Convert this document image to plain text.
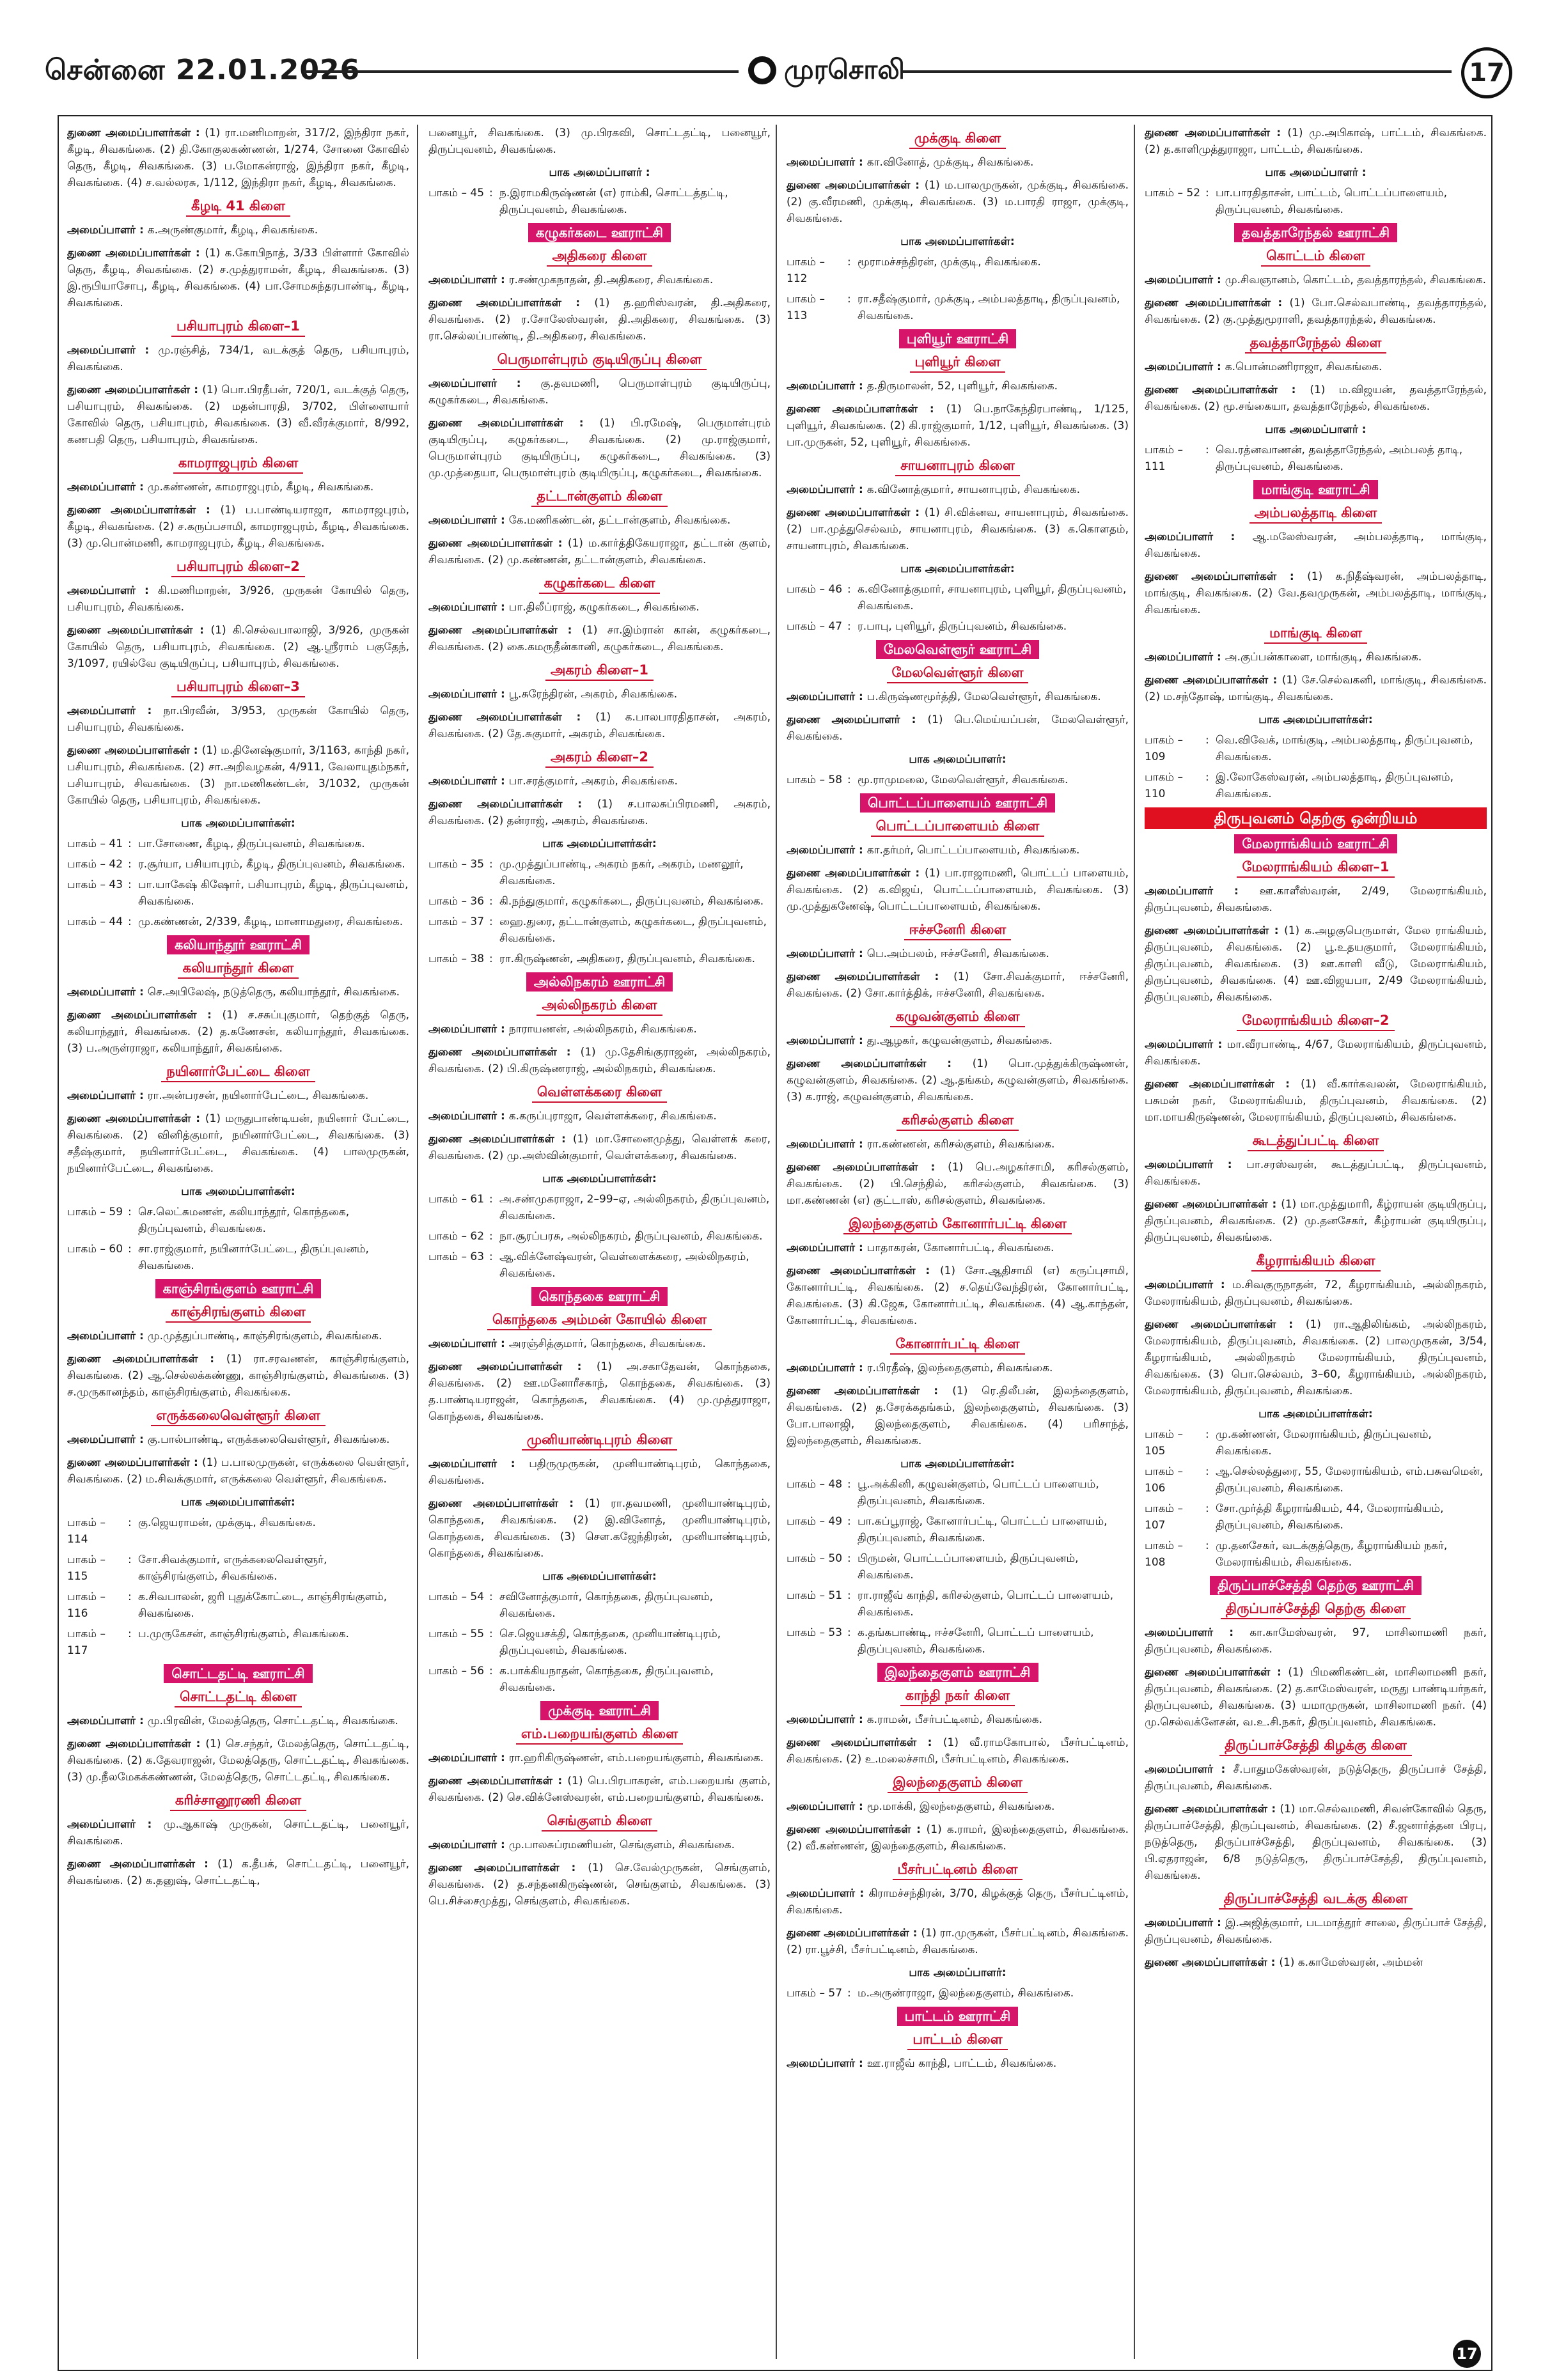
சென்னை 22.01.2026	முரசொலி	17
துணை அமைப்பாளர்கள் : (1) ரா.மணிமாறன், 317/2, இந்திரா நகர், கீழடி, சிவகங்கை. (2) தி.கோகுலகண்ணன், 1/274, சோனை கோவில் தெரு, கீழடி, சிவகங்கை. (3) ப.மோகன்ராஜ், இந்திரா நகர், கீழடி, சிவகங்கை. (4) ச.வல்லரசு, 1/112, இந்திரா நகர், கீழடி, சிவகங்கை.
கீழடி 41 கிளை
அமைப்பாளர் : க.அருண்குமார், கீழடி, சிவகங்கை.
துணை அமைப்பாளர்கள் : (1) க.கோபிநாத், 3/33 பிள்ளார் கோவில் தெரு, கீழடி, சிவகங்கை. (2) ச.முத்துராமன், கீழடி, சிவகங்கை. (3) இ.ரூபியாசோபு, கீழடி, சிவகங்கை. (4) பா.சோமசுந்தரபாண்டி, கீழடி, சிவகங்கை.
பசியாபுரம் கிளை–1
அமைப்பாளர் : மு.ரஞ்சித், 734/1, வடக்குத் தெரு, பசியாபுரம், சிவகங்கை.
துணை அமைப்பாளர்கள் : (1) பொ.பிரதீபன், 720/1, வடக்குத் தெரு, பசியாபுரம், சிவகங்கை. (2) மதன்பாரதி, 3/702, பிள்ளையார் கோவில் தெரு, பசியாபுரம், சிவகங்கை. (3) வீ.வீரக்குமார், 8/992, கணபதி தெரு, பசியாபுரம், சிவகங்கை.
காமராஜபுரம் கிளை
அமைப்பாளர் : மு.கண்ணன், காமராஜபுரம், கீழடி, சிவகங்கை.
துணை அமைப்பாளர்கள் : (1) ப.பாண்டியராஜா, காமராஜபுரம், கீழடி, சிவகங்கை. (2) ச.கருப்பசாமி, காமராஜபுரம், கீழடி, சிவகங்கை. (3) மு.பொன்மணி, காமராஜபுரம், கீழடி, சிவகங்கை.
பசியாபுரம் கிளை–2
அமைப்பாளர் : கி.மணிமாறன், 3/926, முருகன் கோயில் தெரு, பசியாபுரம், சிவகங்கை.
துணை அமைப்பாளர்கள் : (1) கி.செல்வபாலாஜி, 3/926, முருகன் கோயில் தெரு, பசியாபுரம், சிவகங்கை. (2) ஆ.ஸ்ரீராம் பகுதேந், 3/1097, ரயில்வே குடியிருப்பு, பசியாபுரம், சிவகங்கை.
பசியாபுரம் கிளை–3
அமைப்பாளர் : நா.பிரவீன், 3/953, முருகன் கோயில் தெரு, பசியாபுரம், சிவகங்கை.
துணை அமைப்பாளர்கள் : (1) ம.தினேஷ்குமார், 3/1163, காந்தி நகர், பசியாபுரம், சிவகங்கை. (2) சா.அறிவழகன், 4/911, வேலாயுதம்நகர், பசியாபுரம், சிவகங்கை. (3) நா.மணிகண்டன், 3/1032, முருகன் கோயில் தெரு, பசியாபுரம், சிவகங்கை.
பாக அமைப்பாளர்கள்:
பாகம் – 41 : பா.சோணை, கீழடி, திருப்புவனம், சிவகங்கை.
பாகம் – 42 : ர.சூர்யா, பசியாபுரம், கீழடி, திருப்புவனம், சிவகங்கை.
பாகம் – 43 : பா.யாகேஷ் கிஷோர், பசியாபுரம், கீழடி, திருப்புவனம், சிவகங்கை.
பாகம் – 44 : மு.கண்ணன், 2/339, கீழடி, மானாமதுரை, சிவகங்கை.
கலியாந்தூர் ஊராட்சி
கலியாந்தூர் கிளை
அமைப்பாளர் : செ.அபிலேஷ், நடுத்தெரு, கலியாந்தூர், சிவகங்கை.
துணை அமைப்பாளர்கள் : (1) ச.சசுப்புகுமார், தெற்குத் தெரு, கலியாந்தூர், சிவகங்கை. (2) த.கணேசன், கலியாந்தூர், சிவகங்கை. (3) ப.அருள்ராஜா, கலியாந்தூர், சிவகங்கை.
நயினார்பேட்டை கிளை
அமைப்பாளர் : ரா.அன்பரசன், நயினார்பேட்டை, சிவகங்கை.
துணை அமைப்பாளர்கள் : (1) மருதுபாண்டியன், நயினார் பேட்டை, சிவகங்கை. (2) வினித்குமார், நயினார்பேட்டை, சிவகங்கை. (3) சதீஷ்குமார், நயினார்பேட்டை, சிவகங்கை. (4) பாலமுருகன், நயினார்பேட்டை, சிவகங்கை.
பாக அமைப்பாளர்கள்:
பாகம் – 59 : செ.லெட்சுமணன், கலியாந்தூர், கொந்தகை, திருப்புவனம், சிவகங்கை.
பாகம் – 60 : சா.ராஜ்குமார், நயினார்பேட்டை, திருப்புவனம், சிவகங்கை.
காஞ்சிரங்குளம் ஊராட்சி
காஞ்சிரங்குளம் கிளை
அமைப்பாளர் : மு.முத்துப்பாண்டி, காஞ்சிரங்குளம், சிவகங்கை.
துணை அமைப்பாளர்கள் : (1) ரா.சரவணன், காஞ்சிரங்குளம், சிவகங்கை. (2) ஆ.செல்லக்கண்ணு, காஞ்சிரங்குளம், சிவகங்கை. (3) ச.முருகானந்தம், காஞ்சிரங்குளம், சிவகங்கை.
எருக்கலைவெள்ளூர் கிளை
அமைப்பாளர் : கு.பால்பாண்டி, எருக்கலைவெள்ளூர், சிவகங்கை.
துணை அமைப்பாளர்கள் : (1) ப.பாலமுருகன், எருக்கலை வெள்ளூர், சிவகங்கை. (2) ம.சிவக்குமார், எருக்கலை வெள்ளூர், சிவகங்கை.
பாக அமைப்பாளர்கள்:
பாகம் – 114
: கு.ஜெயராமன், முக்குடி, சிவகங்கை.
பாகம் – 115
: சோ.சிவக்குமார், எருக்கலைவெள்ளூர், காஞ்சிரங்குளம், சிவகங்கை.
பாகம் – 116
: க.சிவபாலன், ஜரி புதுக்கோட்டை, காஞ்சிரங்குளம், சிவகங்கை.
பாகம் – 117
: ப.முருகேசன், காஞ்சிரங்குளம், சிவகங்கை.
சொட்டதட்டி ஊராட்சி
சொட்டதட்டி கிளை
அமைப்பாளர் : மு.பிரவின், மேலத்தெரு, சொட்டதட்டி, சிவகங்கை.
துணை அமைப்பாளர்கள் : (1) செ.சந்தர், மேலத்தெரு, சொட்டதட்டி, சிவகங்கை. (2) க.தேவராஜன், மேலத்தெரு, சொட்டதட்டி, சிவகங்கை. (3) மு.நீலமேகக்கண்ணன், மேலத்தெரு, சொட்டதட்டி, சிவகங்கை.
கரிச்சானூரணி கிளை
அமைப்பாளர் : மு.ஆகாஷ் முருகன், சொட்டதட்டி, பனையூர், சிவகங்கை.
துணை அமைப்பாளர்கள் : (1) க.தீபக், சொட்டதட்டி, பனையூர், சிவகங்கை. (2) க.தனுஷ், சொட்டதட்டி,
பனையூர், சிவகங்கை. (3) மு.பிரகவி, சொட்டதட்டி, பனையூர், திருப்புவனம், சிவகங்கை.
பாக அமைப்பாளர் :
பாகம் – 45 : ந.இராமகிருஷ்ணன் (எ) ராம்கி, சொட்டத்தட்டி, திருப்புவனம், சிவகங்கை.
கழுகர்கடை ஊராட்சி
அதிகரை கிளை
அமைப்பாளர் : ர.சண்முகநாதன், தி.அதிகரை, சிவகங்கை.
துணை அமைப்பாளர்கள் : (1) த.ஹரிஸ்வரன், தி.அதிகரை, சிவகங்கை. (2) ர.சோலேஸ்வரன், தி.அதிகரை, சிவகங்கை. (3) ரா.செல்லப்பாண்டி, தி.அதிகரை, சிவகங்கை.
பெருமாள்புரம் குடியிருப்பு கிளை
அமைப்பாளர் : கு.தவமணி, பெருமாள்புரம் குடியிருப்பு, கழுகர்கடை, சிவகங்கை.
துணை அமைப்பாளர்கள் : (1) பி.ரமேஷ், பெருமாள்புரம் குடியிருப்பு, கழுகர்கடை, சிவகங்கை. (2) மு.ராஜ்குமார், பெருமாள்புரம் குடியிருப்பு, கழுகர்கடை, சிவகங்கை. (3) மு.முத்தையா, பெருமாள்புரம் குடியிருப்பு, கழுகர்கடை, சிவகங்கை.
தட்டான்குளம் கிளை
அமைப்பாளர் : கே.மணிகண்டன், தட்டான்குளம், சிவகங்கை.
துணை அமைப்பாளர்கள் : (1) ம.கார்த்திகேயராஜா, தட்டான் குளம், சிவகங்கை. (2) மு.கண்ணன், தட்டான்குளம், சிவகங்கை.
கழுகர்கடை கிளை
அமைப்பாளர் : பா.திலீப்ராஜ், கழுகர்கடை, சிவகங்கை.
துணை அமைப்பாளர்கள் : (1) சா.இம்ரான் கான், கழுகர்கடை, சிவகங்கை. (2) கை.கமருதீன்கானி, கழுகர்கடை, சிவகங்கை.
அகரம் கிளை–1
அமைப்பாளர் : பூ.சுரேந்திரன், அகரம், சிவகங்கை.
துணை அமைப்பாளர்கள் : (1) க.பாலபாரதிதாசன், அகரம், சிவகங்கை. (2) தே.சுகுமார், அகரம், சிவகங்கை.
அகரம் கிளை–2
அமைப்பாளர் : பா.சரத்குமார், அகரம், சிவகங்கை.
துணை அமைப்பாளர்கள் : (1) ச.பாலசுப்பிரமணி, அகரம், சிவகங்கை. (2) தன்ராஜ், அகரம், சிவகங்கை.
பாக அமைப்பாளர்கள்:
பாகம் – 35 : மு.முத்துப்பாண்டி, அகரம் நகர், அகரம், மணலூர், சிவகங்கை.
பாகம் – 36 : கி.நந்துகுமார், கழுகர்கடை, திருப்புவனம், சிவகங்கை.
பாகம் – 37 : ஹை.துரை, தட்டான்குளம், கழுகர்கடை, திருப்புவனம், சிவகங்கை.
பாகம் – 38 : ரா.கிருஷ்ணன், அதிகரை, திருப்புவனம், சிவகங்கை.
அல்லிநகரம் ஊராட்சி
அல்லிநகரம் கிளை
அமைப்பாளர் : நாராயணன், அல்லிநகரம், சிவகங்கை.
துணை அமைப்பாளர்கள் : (1) மு.தேசிங்குராஜன், அல்லிநகரம், சிவகங்கை. (2) பி.கிருஷ்ணராஜ், அல்லிநகரம், சிவகங்கை.
வெள்ளக்கரை கிளை
அமைப்பாளர் : க.கருப்புராஜா, வெள்ளக்கரை, சிவகங்கை.
துணை அமைப்பாளர்கள் : (1) மா.சோனைமுத்து, வெள்ளக் கரை, சிவகங்கை. (2) மு.அஸ்வின்குமார், வெள்ளக்கரை, சிவகங்கை.
பாக அமைப்பாளர்கள்:
பாகம் – 61 : அ.சண்முகராஜா, 2–99–ஏ, அல்லிநகரம், திருப்புவனம், சிவகங்கை.
பாகம் – 62 : நா.சூரப்பரசு, அல்லிநகரம், திருப்புவனம், சிவகங்கை.
பாகம் – 63 : ஆ.விக்னேஷ்வரன், வெள்ளைக்கரை, அல்லிநகரம், சிவகங்கை.
கொந்தகை ஊராட்சி
கொந்தகை அம்மன் கோயில் கிளை
அமைப்பாளர் : அரஞ்சித்குமார், கொந்தகை, சிவகங்கை.
துணை அமைப்பாளர்கள் : (1) அ.சகாதேவன், கொந்தகை, சிவகங்கை. (2) ஊ.மனோரீசகாந், கொந்தகை, சிவகங்கை. (3) த.பாண்டியராஜன், கொந்தகை, சிவகங்கை. (4) மு.முத்துராஜா, கொந்தகை, சிவகங்கை.
முனியாண்டிபுரம் கிளை
அமைப்பாளர் : பதிருமுருகன், முனியாண்டிபுரம், கொந்தகை, சிவகங்கை.
துணை அமைப்பாளர்கள் : (1) ரா.தவமணி, முனியாண்டிபுரம், கொந்தகை, சிவகங்கை. (2) இ.வினோத், முனியாண்டிபுரம், கொந்தகை, சிவகங்கை. (3) செள.கஜேந்திரன், முனியாண்டிபுரம், கொந்தகை, சிவகங்கை.
பாக அமைப்பாளர்கள்:
பாகம் – 54 : சவினோத்குமார், கொந்தகை, திருப்புவனம், சிவகங்கை.
பாகம் – 55 : செ.ஜெயசக்தி, கொந்தகை, முனியாண்டிபுரம், திருப்புவனம், சிவகங்கை.
பாகம் – 56 : க.பாக்கியநாதன், கொந்தகை, திருப்புவனம், சிவகங்கை.
முக்குடி ஊராட்சி
எம்.பறையங்குளம் கிளை
அமைப்பாளர் : ரா.ஹரிகிருஷ்ணன், எம்.பறையங்குளம், சிவகங்கை.
துணை அமைப்பாளர்கள் : (1) பெ.பிரபாகரன், எம்.பறையங் குளம், சிவகங்கை. (2) செ.விக்னேஸ்வரன், எம்.பறையங்குளம், சிவகங்கை.
செங்குளம் கிளை
அமைப்பாளர் : மு.பாலசுப்ரமணியன், செங்குளம், சிவகங்கை.
துணை அமைப்பாளர்கள் : (1) செ.வேல்முருகன், செங்குளம், சிவகங்கை. (2) த.சந்தனகிருஷ்ணன், செங்குளம், சிவகங்கை. (3) பெ.சிச்சைமுத்து, செங்குளம், சிவகங்கை.
முக்குடி கிளை
அமைப்பாளர் : கா.வினோத், முக்குடி, சிவகங்கை.
துணை அமைப்பாளர்கள் : (1) ம.பாலமுருகன், முக்குடி, சிவகங்கை. (2) கு.வீரமணி, முக்குடி, சிவகங்கை. (3) ம.பாரதி ராஜா, முக்குடி, சிவகங்கை.
பாக அமைப்பாளர்கள்:
பாகம் – 112
: மூராமச்சந்திரன், முக்குடி, சிவகங்கை.
பாகம் – 113
: ரா.சதீஷ்குமார், முக்குடி, அம்பலத்தாடி, திருப்புவனம், சிவகங்கை.
புளியூர் ஊராட்சி
புளியூர் கிளை
அமைப்பாளர் : த.திருமாலன், 52, புளியூர், சிவகங்கை.
துணை அமைப்பாளர்கள் : (1) பெ.நாகேந்திரபாண்டி, 1/125, புளியூர், சிவகங்கை. (2) கி.ராஜ்குமார், 1/12, புளியூர், சிவகங்கை. (3) பா.முருகன், 52, புளியூர், சிவகங்கை.
சாயனாபுரம் கிளை
அமைப்பாளர் : க.வினோத்குமார், சாயனாபுரம், சிவகங்கை.
துணை அமைப்பாளர்கள் : (1) சி.விக்னவ, சாயனாபுரம், சிவகங்கை. (2) பா.முத்துசெல்வம், சாயனாபுரம், சிவகங்கை. (3) க.கொளதம், சாயனாபுரம், சிவகங்கை.
பாக அமைப்பாளர்கள்:
பாகம் – 46 : க.வினோத்குமார், சாயனாபுரம், புளியூர், திருப்புவனம், சிவகங்கை.
பாகம் – 47 : ர.பாபு, புளியூர், திருப்புவனம், சிவகங்கை.
மேலவெள்ளூர் ஊராட்சி
மேலவெள்ளூர் கிளை
அமைப்பாளர் : ப.கிருஷ்ணமூர்த்தி, மேலவெள்ளூர், சிவகங்கை.
துணை அமைப்பாளர் : (1) பெ.மெய்யப்பன், மேலவெள்ளூர், சிவகங்கை.
பாக அமைப்பாளர்:
பாகம் – 58 : மூ.ராமுமலை, மேலவெள்ளூர், சிவகங்கை.
பொட்டப்பாளையம் ஊராட்சி
பொட்டப்பாளையம் கிளை
அமைப்பாளர் : கா.தர்மர், பொட்டப்பாளையம், சிவகங்கை.
துணை அமைப்பாளர்கள் : (1) பா.ராஜாமணி, பொட்டப் பாளையம், சிவகங்கை. (2) க.விஜய், பொட்டப்பாளையம், சிவகங்கை. (3) மு.முத்துகணேஷ், பொட்டப்பாளையம், சிவகங்கை.
ஈச்சனேரி கிளை
அமைப்பாளர் : பெ.அம்பலம், ஈச்சனேரி, சிவகங்கை.
துணை அமைப்பாளர்கள் : (1) சோ.சிவக்குமார், ஈச்சனேரி, சிவகங்கை. (2) சோ.கார்த்திக், ஈச்சனேரி, சிவகங்கை.
கழுவன்குளம் கிளை
அமைப்பாளர் : து.ஆழகர், கழுவன்குளம், சிவகங்கை.
துணை அமைப்பாளர்கள் : (1) பொ.முத்துக்கிருஷ்ணன், கழுவன்குளம், சிவகங்கை. (2) ஆ.தங்கம், கழுவன்குளம், சிவகங்கை. (3) க.ராஜ், கழுவன்குளம், சிவகங்கை.
கரிசல்குளம் கிளை
அமைப்பாளர் : ரா.கண்ணன், கரிசல்குளம், சிவகங்கை.
துணை அமைப்பாளர்கள் : (1) பெ.அழகர்சாமி, கரிசல்குளம், சிவகங்கை. (2) பி.செந்தில், கரிசல்குளம், சிவகங்கை. (3) மா.கண்ணன் (எ) குட்டாஸ், கரிசல்குளம், சிவகங்கை.
இலந்தைகுளம் கோனார்பட்டி கிளை
அமைப்பாளர் : பாதாகரன், கோனார்பட்டி, சிவகங்கை.
துணை அமைப்பாளர்கள் : (1) சோ.ஆதிசாமி (எ) கருப்புசாமி, கோனார்பட்டி, சிவகங்கை. (2) ச.தெய்வேந்திரன், கோனார்பட்டி, சிவகங்கை. (3) கி.ஜேசு, கோனார்பட்டி, சிவகங்கை. (4) ஆ.காந்தன், கோனார்பட்டி, சிவகங்கை.
கோனார்பட்டி கிளை
அமைப்பாளர் : ர.பிரதீஷ், இலந்தைகுளம், சிவகங்கை.
துணை அமைப்பாளர்கள் : (1) ரெ.திலீபன், இலந்தைகுளம், சிவகங்கை. (2) த.சேரக்கதங்கம், இலந்தைகுளம், சிவகங்கை. (3) போ.பாலாஜி, இலந்தைகுளம், சிவகங்கை. (4) பரிசாந்த், இலந்தைகுளம், சிவகங்கை.
பாக அமைப்பாளர்கள்:
பாகம் – 48 : பூ.அக்கினி, கழுவன்குளம், பொட்டப் பாளையம், திருப்புவனம், சிவகங்கை.
பாகம் – 49 : பா.கப்பூராஜ், கோனார்பட்டி, பொட்டப் பாளையம், திருப்புவனம், சிவகங்கை.
பாகம் – 50 : பிருமன், பொட்டப்பாளையம், திருப்புவனம், சிவகங்கை.
பாகம் – 51 : ரா.ராஜீவ் காந்தி, கரிசல்குளம், பொட்டப் பாளையம், சிவகங்கை.
பாகம் – 53 : க.தங்கபாண்டி, ஈச்சனேரி, பொட்டப் பாளையம், திருப்புவனம், சிவகங்கை.
இலந்தைகுளம் ஊராட்சி
காந்தி நகர் கிளை
அமைப்பாளர் : க.ராமன், பீசர்பட்டினம், சிவகங்கை.
துணை அமைப்பாளர்கள் : (1) வீ.ராமகோபால், பீசர்பட்டினம், சிவகங்கை. (2) உ.மலைச்சாமி, பீசர்பட்டினம், சிவகங்கை.
இலந்தைகுளம் கிளை
அமைப்பாளர் : மூ.மாக்கி, இலந்தைகுளம், சிவகங்கை.
துணை அமைப்பாளர்கள் : (1) க.ராமர், இலந்தைகுளம், சிவகங்கை. (2) வீ.கண்ணன், இலந்தைகுளம், சிவகங்கை.
பீசர்பட்டினம் கிளை
அமைப்பாளர் : கிராமச்சந்திரன், 3/70, கிழக்குத் தெரு, பீசர்பட்டினம், சிவகங்கை.
துணை அமைப்பாளர்கள் : (1) ரா.முருகன், பீசர்பட்டினம், சிவகங்கை. (2) ரா.பூச்சி, பீசர்பட்டினம், சிவகங்கை.
பாக அமைப்பாளர்:
பாகம் – 57 : ம.அருண்ராஜா, இலந்தைகுளம், சிவகங்கை.
பாட்டம் ஊராட்சி
பாட்டம் கிளை
அமைப்பாளர் : ஊ.ராஜீவ் காந்தி, பாட்டம், சிவகங்கை.
துணை அமைப்பாளர்கள் : (1) மு.அபிகாஷ், பாட்டம், சிவகங்கை. (2) த.காளிமுத்துராஜா, பாட்டம், சிவகங்கை.
பாக அமைப்பாளர் :
பாகம் – 52 : பா.பாரதிதாசன், பாட்டம், பொட்டப்பாளையம், திருப்புவனம், சிவகங்கை.
தவத்தாரேந்தல் ஊராட்சி
கொட்டம் கிளை
அமைப்பாளர் : மு.சிவஞானம், கொட்டம், தவத்தாரந்தல், சிவகங்கை.
துணை அமைப்பாளர்கள் : (1) போ.செல்வபாண்டி, தவத்தாரந்தல், சிவகங்கை. (2) கு.முத்துமூராளி, தவத்தாரந்தல், சிவகங்கை.
தவத்தாரேந்தல் கிளை
அமைப்பாளர் : க.பொன்மணிராஜா, சிவகங்கை.
துணை அமைப்பாளர்கள் : (1) ம.விஜயன், தவத்தாரேந்தல், சிவகங்கை. (2) மூ.சங்கையா, தவத்தாரேந்தல், சிவகங்கை.
பாக அமைப்பாளர் :
பாகம் – 111
: வெ.ரத்னவாணன், தவத்தாரேந்தல், அம்பலத் தாடி, திருப்புவனம், சிவகங்கை.
மாங்குடி ஊராட்சி
அம்பலத்தாடி கிளை
அமைப்பாளர் : ஆ.மலேஸ்வரன், அம்பலத்தாடி, மாங்குடி, சிவகங்கை.
துணை அமைப்பாளர்கள் : (1) க.நிதீஷ்வரன், அம்பலத்தாடி, மாங்குடி, சிவகங்கை. (2) வே.தவமுருகன், அம்பலத்தாடி, மாங்குடி, சிவகங்கை.
மாங்குடி கிளை
அமைப்பாளர் : அ.குப்பன்காளை, மாங்குடி, சிவகங்கை.
துணை அமைப்பாளர்கள் : (1) சே.செல்வகனி, மாங்குடி, சிவகங்கை. (2) ம.சந்தோஷ், மாங்குடி, சிவகங்கை.
பாக அமைப்பாளர்கள்:
பாகம் – 109
: வெ.விவேக், மாங்குடி, அம்பலத்தாடி, திருப்புவனம், சிவகங்கை.
பாகம் – 110
: இ.லோகேஸ்வரன், அம்பலத்தாடி, திருப்புவனம், சிவகங்கை.
திருபுவனம் தெற்கு ஒன்றியம்
மேலராங்கியம் ஊராட்சி
மேலராங்கியம் கிளை–1
அமைப்பாளர் : ஊ.காளீஸ்வரன், 2/49, மேலராங்கியம், திருப்புவனம், சிவகங்கை.
துணை அமைப்பாளர்கள் : (1) க.அழகுபெருமாள், மேல ராங்கியம், திருப்புவனம், சிவகங்கை. (2) பூ.உதயகுமார், மேலராங்கியம், திருப்புவனம், சிவகங்கை. (3) ஊ.காளி வீடு, மேலராங்கியம், திருப்புவனம், சிவகங்கை. (4) ஊ.விஜயபா, 2/49 மேலராங்கியம், திருப்புவனம், சிவகங்கை.
மேலராங்கியம் கிளை–2
அமைப்பாளர் : மா.வீரபாண்டி, 4/67, மேலராங்கியம், திருப்புவனம், சிவகங்கை.
துணை அமைப்பாளர்கள் : (1) வீ.கார்கவலன், மேலராங்கியம், பசுமன் நகர், மேலராங்கியம், திருப்புவனம், சிவகங்கை. (2) மா.மாயகிருஷ்ணன், மேலராங்கியம், திருப்புவனம், சிவகங்கை.
கூடத்துப்பட்டி கிளை
அமைப்பாளர் : பா.சரஸ்வரன், கூடத்துப்பட்டி, திருப்புவனம், சிவகங்கை.
துணை அமைப்பாளர்கள் : (1) மா.முத்துமாரி, கீழ்ராயன் குடியிருப்பு, திருப்புவனம், சிவகங்கை. (2) மு.தனசேகர், கீழ்ராயன் குடியிருப்பு, திருப்புவனம், சிவகங்கை.
கீழராங்கியம் கிளை
அமைப்பாளர் : ம.சிவகுருநாதன், 72, கீழராங்கியம், அல்லிநகரம், மேலராங்கியம், திருப்புவனம், சிவகங்கை.
துணை அமைப்பாளர்கள் : (1) ரா.ஆதிலிங்கம், அல்லிநகரம், மேலராங்கியம், திருப்புவனம், சிவகங்கை. (2) பாலமுருகன், 3/54, கீழராங்கியம், அல்லிநகரம் மேலராங்கியம், திருப்புவனம், சிவகங்கை. (3) பொ.செல்வம், 3–60, கீழராங்கியம், அல்லிநகரம், மேலராங்கியம், திருப்புவனம், சிவகங்கை.
பாக அமைப்பாளர்கள்:
பாகம் – 105
: மு.கண்ணன், மேலராங்கியம், திருப்புவனம், சிவகங்கை.
பாகம் – 106
: ஆ.செல்லத்துரை, 55, மேலராங்கியம், எம்.பசுவமென், திருப்புவனம், சிவகங்கை.
பாகம் – 107
: சோ.முர்த்தி கீழராங்கியம், 44, மேலராங்கியம், திருப்புவனம், சிவகங்கை.
பாகம் – 108
: மு.தனசேகர், வடக்குத்தெரு, கீழராங்கியம் நகர், மேலராங்கியம், சிவகங்கை.
திருப்பாச்சேத்தி தெற்கு ஊராட்சி
திருப்பாச்சேத்தி தெற்கு கிளை
அமைப்பாளர் : கா.காமேஸ்வரன், 97, மாசிலாமணி நகர், திருப்புவனம், சிவகங்கை.
துணை அமைப்பாளர்கள் : (1) பிமணிகண்டன், மாசிலாமணி நகர், திருப்புவனம், சிவகங்கை. (2) த.காமேஸ்வரன், மருது பாண்டியர்நகர், திருப்புவனம், சிவகங்கை. (3) யமாமுருகன், மாசிலாமணி நகர். (4) மு.செல்வக்னேசன், வ.உ.சி.நகர், திருப்புவனம், சிவகங்கை.
திருப்பாச்சேத்தி கிழக்கு கிளை
அமைப்பாளர் : சீ.பாதுமகேஸ்வரன், நடுத்தெரு, திருப்பாச் சேத்தி, திருப்புவனம், சிவகங்கை.
துணை அமைப்பாளர்கள் : (1) மா.செல்வமணி, சிவன்கோவில் தெரு, திருப்பாச்சேத்தி, திருப்புவனம், சிவகங்கை. (2) சீ.ஜனார்த்தன பிரபு, நடுத்தெரு, திருப்பாச்சேத்தி, திருப்புவனம், சிவகங்கை. (3) பி.ஏதராஜன், 6/8 நடுத்தெரு, திருப்பாச்சேத்தி, திருப்புவனம், சிவகங்கை.
திருப்பாச்சேத்தி வடக்கு கிளை
அமைப்பாளர் : இ.அஜித்குமார், படமாத்தூர் சாலை, திருப்பாச் சேத்தி, திருப்புவனம், சிவகங்கை.
துணை அமைப்பாளர்கள் : (1) க.காமேஸ்வரன், அம்மன்
17
